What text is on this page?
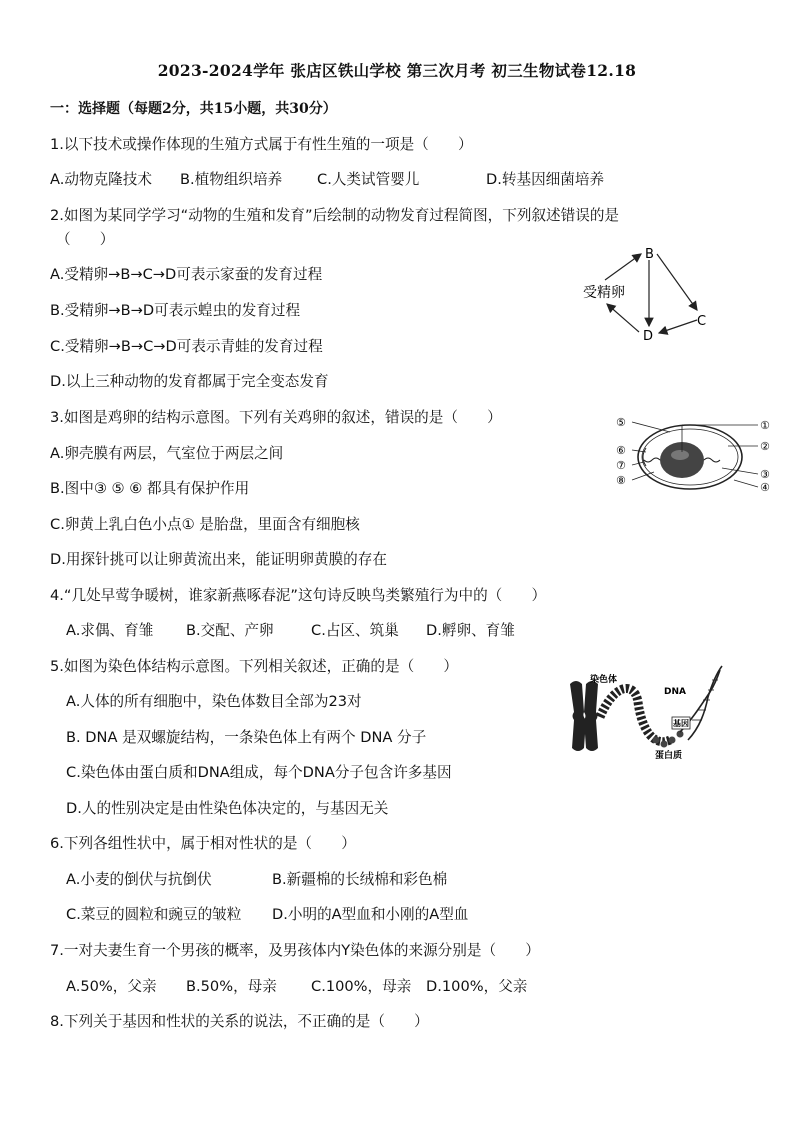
2023-2024学年 张店区铁山学校 第三次月考 初三生物试卷12.18
一：选择题（每题2分，共15小题，共30分）
1.以下技术或操作体现的生殖方式属于有性生殖的一项是（　　）
A.动物克隆技术 B.植物组织培养 C.人类试管婴儿	D.转基因细菌培养
2.如图为某同学学习“动物的生殖和发育”后绘制的动物发育过程简图，下列叙述错误的是
（　　）
A.受精卵→B→C→D可表示家蚕的发育过程
B.受精卵→B→D可表示蝗虫的发育过程
C.受精卵→B→C→D可表示青蛙的发育过程
D.以上三种动物的发育都属于完全变态发育
受精卵
B
C
D
3.如图是鸡卵的结构示意图。下列有关鸡卵的叙述，错误的是（　　）
A.卵壳膜有两层，气室位于两层之间
B.图中③ ⑤ ⑥ 都具有保护作用
C.卵黄上乳白色小点① 是胎盘，里面含有细胞核
D.用探针挑可以让卵黄流出来，能证明卵黄膜的存在
①
②
③
④
⑤
⑥
⑦
⑧
4.“几处早莺争暖树，谁家新燕啄春泥”这句诗反映鸟类繁殖行为中的（　　）
A.求偶、育雏 B.交配、产卵	C.占区、筑巢 D.孵卵、育雏
5.如图为染色体结构示意图。下列相关叙述，正确的是（　　）
A.人体的所有细胞中，染色体数目全部为23对
B. DNA 是双螺旋结构，一条染色体上有两个 DNA 分子
C.染色体由蛋白质和DNA组成，每个DNA分子包含许多基因
D.人的性别决定是由性染色体决定的，与基因无关
染色体
DNA
基因
蛋白质
6.下列各组性状中，属于相对性状的是（　　）
A.小麦的倒伏与抗倒伏	B.新疆棉的长绒棉和彩色棉
C.菜豆的圆粒和豌豆的皱粒 D.小明的A型血和小刚的A型血
7.一对夫妻生育一个男孩的概率，及男孩体内Y染色体的来源分别是（　　）
A.50%，父亲 B.50%，母亲 C.100%，母亲 D.100%，父亲
8.下列关于基因和性状的关系的说法，不正确的是（　　）
